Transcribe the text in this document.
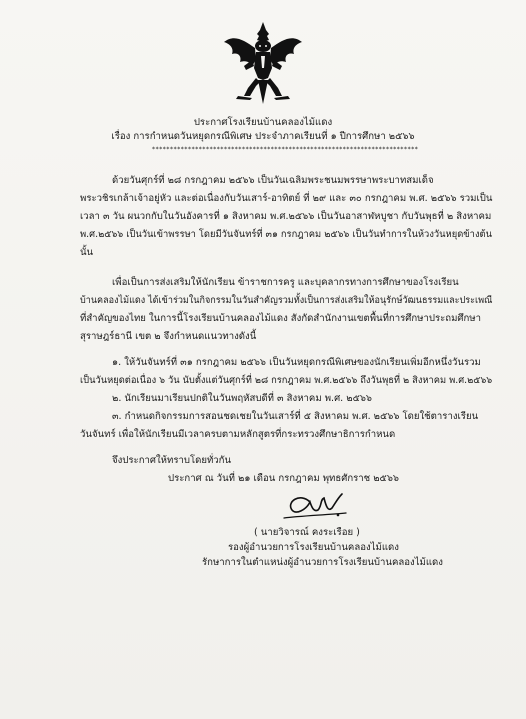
ประกาศโรงเรียนบ้านคลองไม้แดง
เรื่อง การกำหนดวันหยุดกรณีพิเศษ ประจำภาคเรียนที่ ๑ ปีการศึกษา ๒๕๖๖
**************************************************************************
ด้วยวันศุกร์ที่ ๒๘ กรกฎาคม ๒๕๖๖ เป็นวันเฉลิมพระชนมพรรษาพระบาทสมเด็จ
พระวชิรเกล้าเจ้าอยู่หัว และต่อเนื่องกับวันเสาร์-อาทิตย์ ที่ ๒๙ และ ๓๐ กรกฎาคม พ.ศ. ๒๕๖๖ รวมเป็น
เวลา ๓ วัน ผนวกกับในวันอังคารที่ ๑ สิงหาคม พ.ศ.๒๕๖๖ เป็นวันอาสาฬหบูชา กับวันพุธที่ ๒ สิงหาคม
พ.ศ.๒๕๖๖ เป็นวันเข้าพรรษา โดยมีวันจันทร์ที่ ๓๑ กรกฎาคม ๒๕๖๖ เป็นวันทำการในห้วงวันหยุดข้างต้น
นั้น
เพื่อเป็นการส่งเสริมให้นักเรียน ข้าราชการครู และบุคลากรทางการศึกษาของโรงเรียน
บ้านคลองไม้แดง ได้เข้าร่วมในกิจกรรมในวันสำคัญรวมทั้งเป็นการส่งเสริมให้อนุรักษ์วัฒนธรรมและประเพณี
ที่สำคัญของไทย ในการนี้โรงเรียนบ้านคลองไม้แดง สังกัดสำนักงานเขตพื้นที่การศึกษาประถมศึกษา
สุราษฎร์ธานี เขต ๒ จึงกำหนดแนวทางดังนี้
๑. ให้วันจันทร์ที่ ๓๑ กรกฎาคม ๒๕๖๖ เป็นวันหยุดกรณีพิเศษของนักเรียนเพิ่มอีกหนึ่งวันรวม
เป็นวันหยุดต่อเนื่อง ๖ วัน นับตั้งแต่วันศุกร์ที่ ๒๘ กรกฎาคม พ.ศ.๒๕๖๖ ถึงวันพุธที่ ๒ สิงหาคม พ.ศ.๒๕๖๖
๒. นักเรียนมาเรียนปกติในวันพฤหัสบดีที่ ๓ สิงหาคม พ.ศ. ๒๕๖๖
๓. กำหนดกิจกรรมการสอนชดเชยในวันเสาร์ที่ ๕ สิงหาคม พ.ศ. ๒๕๖๖ โดยใช้ตารางเรียน
วันจันทร์ เพื่อให้นักเรียนมีเวลาครบตามหลักสูตรที่กระทรวงศึกษาธิการกำหนด
จึงประกาศให้ทราบโดยทั่วกัน
ประกาศ ณ วันที่ ๒๑ เดือน กรกฎาคม พุทธศักราช ๒๕๖๖
( นายวิจารณ์ คงระเรือย )
รองผู้อำนวยการโรงเรียนบ้านคลองไม้แดง
รักษาการในตำแหน่งผู้อำนวยการโรงเรียนบ้านคลองไม้แดง
